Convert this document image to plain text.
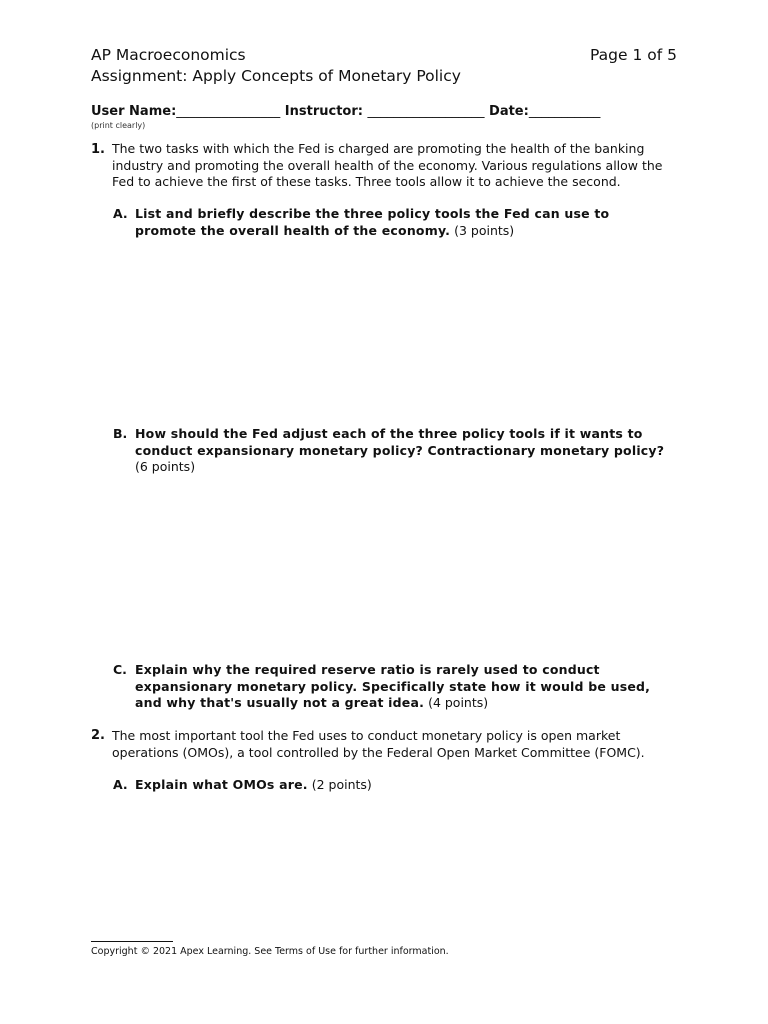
AP Macroeconomics	Page 1 of 5
Assignment: Apply Concepts of Monetary Policy
User Name:________________ Instructor: __________________ Date:___________
(print clearly)
1. The two tasks with which the Fed is charged are promoting the health of the banking industry and promoting the overall health of the economy. Various regulations allow the Fed to achieve the first of these tasks. Three tools allow it to achieve the second.
A. List and briefly describe the three policy tools the Fed can use to promote the overall health of the economy. (3 points)
B. How should the Fed adjust each of the three policy tools if it wants to conduct expansionary monetary policy? Contractionary monetary policy? (6 points)
C. Explain why the required reserve ratio is rarely used to conduct expansionary monetary policy. Specifically state how it would be used, and why that's usually not a great idea. (4 points)
2. The most important tool the Fed uses to conduct monetary policy is open market operations (OMOs), a tool controlled by the Federal Open Market Committee (FOMC).
A. Explain what OMOs are. (2 points)
Copyright © 2021 Apex Learning. See Terms of Use for further information.
